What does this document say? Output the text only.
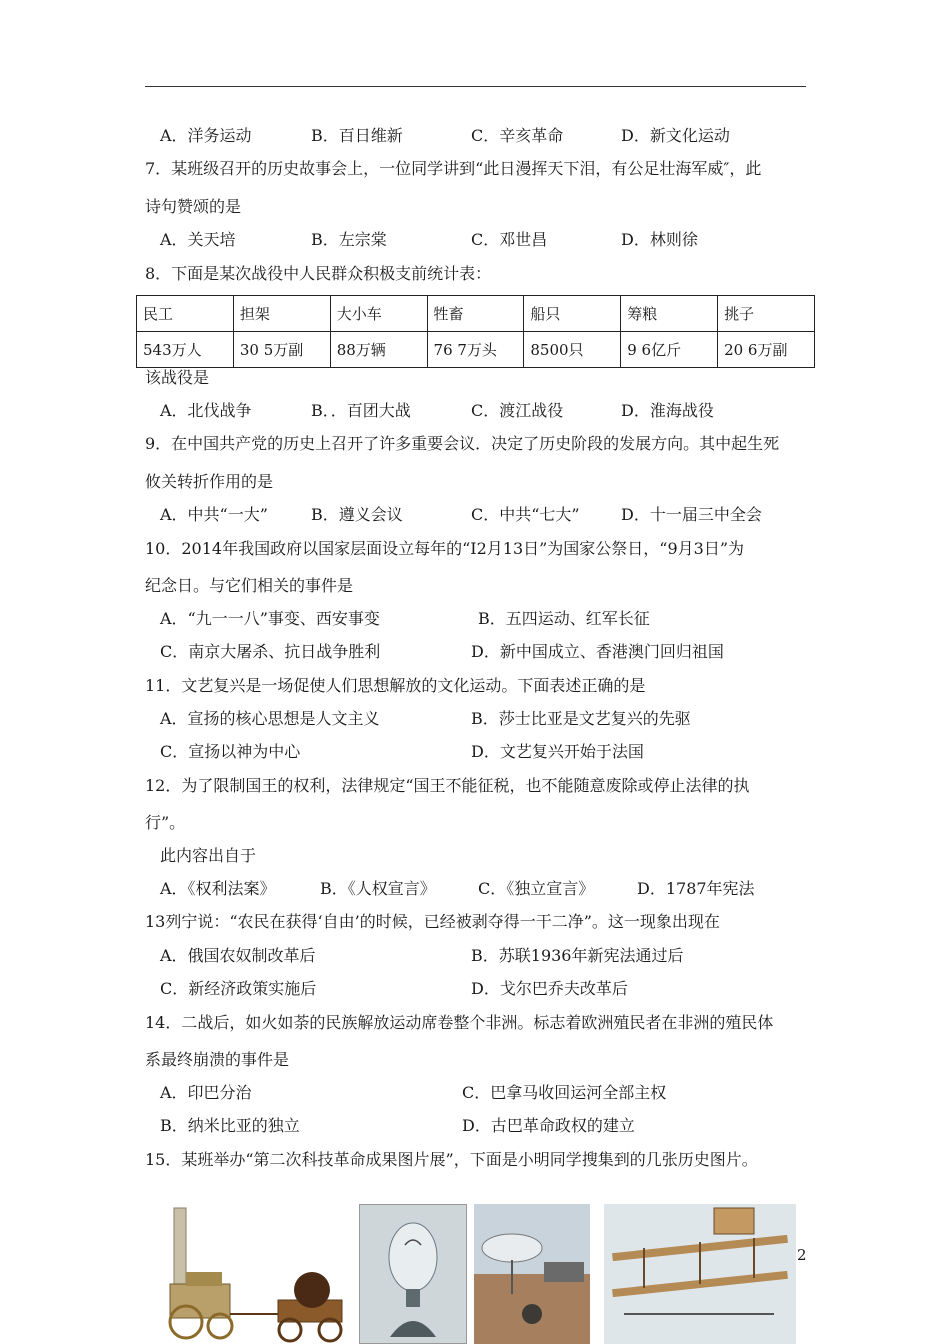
A．洋务运动	B．百日维新	C．辛亥革命	D．新文化运动
7．某班级召开的历史故事会上，一位同学讲到“此日漫挥天下泪，有公足壮海军威″，此
诗句赞颂的是
A．关天培	B．左宗棠	C．邓世昌	D．林则徐
8．下面是某次战役中人民群众积极支前统计表：
民工	担架	大小车	牲畜	船只	筹粮	挑子
543万人	30 5万副	88万辆	76 7万头	8500只	9 6亿斤	20 6万副
该战役是
A．北伐战争	B．．百团大战	C．渡江战役	D．淮海战役
9．在中国共产党的历史上召开了许多重要会议．决定了历史阶段的发展方向。其中起生死
攸关转折作用的是
A．中共“一大”	B．遵义会议	C．中共“七大”	D．十一届三中全会
10．2014年我国政府以国家层面设立每年的“I2月13日”为国家公祭日，“9月3日”为
纪念日。与它们相关的事件是
A．“九一一八”事变、西安事变	B．五四运动、红军长征
C．南京大屠杀、抗日战争胜利	D．新中国成立、香港澳门回归祖国
11．文艺复兴是一场促使人们思想解放的文化运动。下面表述正确的是
A．宣扬的核心思想是人文主义	B．莎士比亚是文艺复兴的先驱
C．宣扬以神为中心	D．文艺复兴开始于法国
12．为了限制国王的权利，法律规定“国王不能征税，也不能随意废除或停止法律的执
行”。
此内容出自于
A．《权利法案》	B．《人权宣言》	C．《独立宣言》	D．1787年宪法
13列宁说：“农民在获得‘自由’的时候，已经被剥夺得一干二净”。这一现象出现在
A．俄国农奴制改革后	B．苏联1936年新宪法通过后
C．新经济政策实施后	D．戈尔巴乔夫改革后
14．二战后，如火如荼的民族解放运动席卷整个非洲。标志着欧洲殖民者在非洲的殖民体
系最终崩溃的事件是
A．印巴分治	C．巴拿马收回运河全部主权
B．纳米比亚的独立	D．古巴革命政权的建立
15．某班举办“第二次科技革命成果图片展”，下面是小明同学搜集到的几张历史图片。
2
